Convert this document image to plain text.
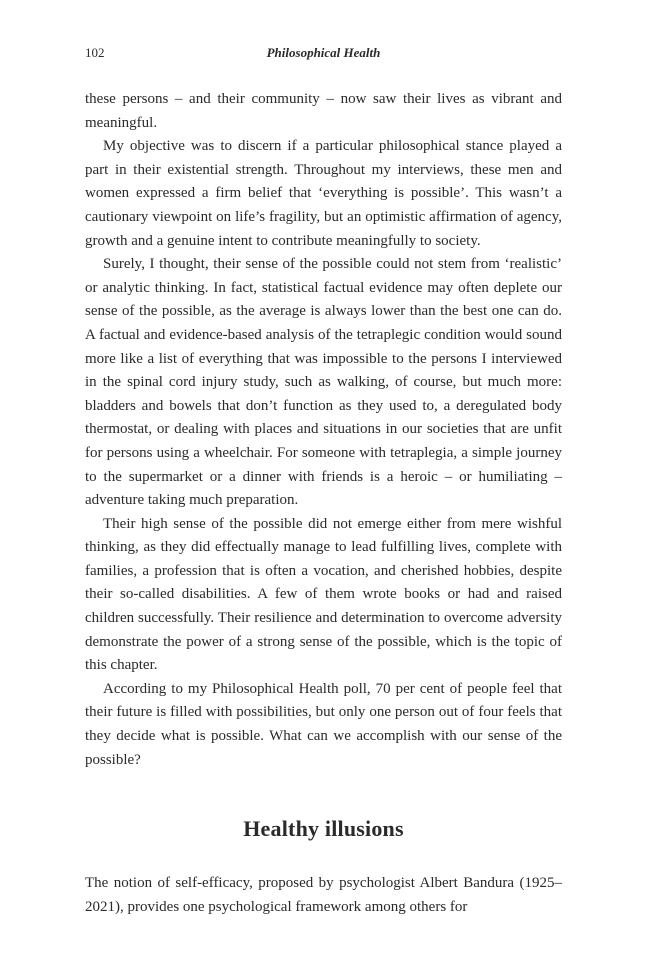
102	Philosophical Health

these persons – and their community – now saw their lives as vibrant and meaningful.

My objective was to discern if a particular philosophical stance played a part in their existential strength. Throughout my interviews, these men and women expressed a firm belief that ‘everything is possible’. This wasn’t a cautionary viewpoint on life’s fragility, but an optimistic affirmation of agency, growth and a genuine intent to contribute meaningfully to society.

Surely, I thought, their sense of the possible could not stem from ‘realistic’ or analytic thinking. In fact, statistical factual evidence may often deplete our sense of the possible, as the average is always lower than the best one can do. A factual and evidence-based analysis of the tetraplegic condition would sound more like a list of everything that was impossible to the persons I interviewed in the spinal cord injury study, such as walking, of course, but much more: bladders and bowels that don’t function as they used to, a deregulated body thermostat, or dealing with places and situations in our societies that are unfit for persons using a wheelchair. For someone with tetraplegia, a simple journey to the supermarket or a dinner with friends is a heroic – or humiliating – adventure taking much preparation.

Their high sense of the possible did not emerge either from mere wishful thinking, as they did effectually manage to lead fulfilling lives, complete with families, a profession that is often a vocation, and cherished hobbies, despite their so-called disabilities. A few of them wrote books or had and raised children successfully. Their resilience and determination to overcome adversity demonstrate the power of a strong sense of the possible, which is the topic of this chapter.

According to my Philosophical Health poll, 70 per cent of people feel that their future is filled with possibilities, but only one person out of four feels that they decide what is possible. What can we accomplish with our sense of the possible?

Healthy illusions

The notion of self-efficacy, proposed by psychologist Albert Bandura (1925–2021), provides one psychological framework among others for
